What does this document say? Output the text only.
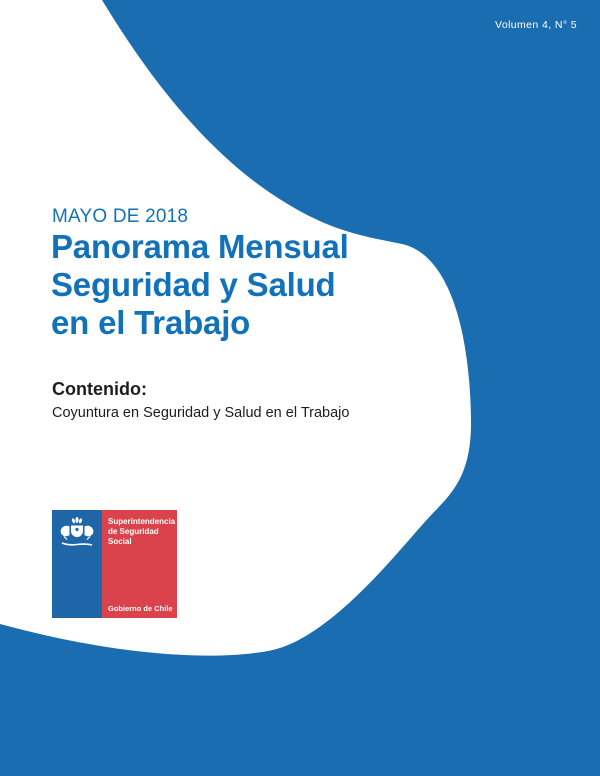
Volumen 4, N° 5
MAYO DE 2018
Panorama Mensual
Seguridad y Salud
en el Trabajo
Contenido:
Coyuntura en Seguridad y Salud en el Trabajo
Superintendencia
de Seguridad
Social
Gobierno de Chile
